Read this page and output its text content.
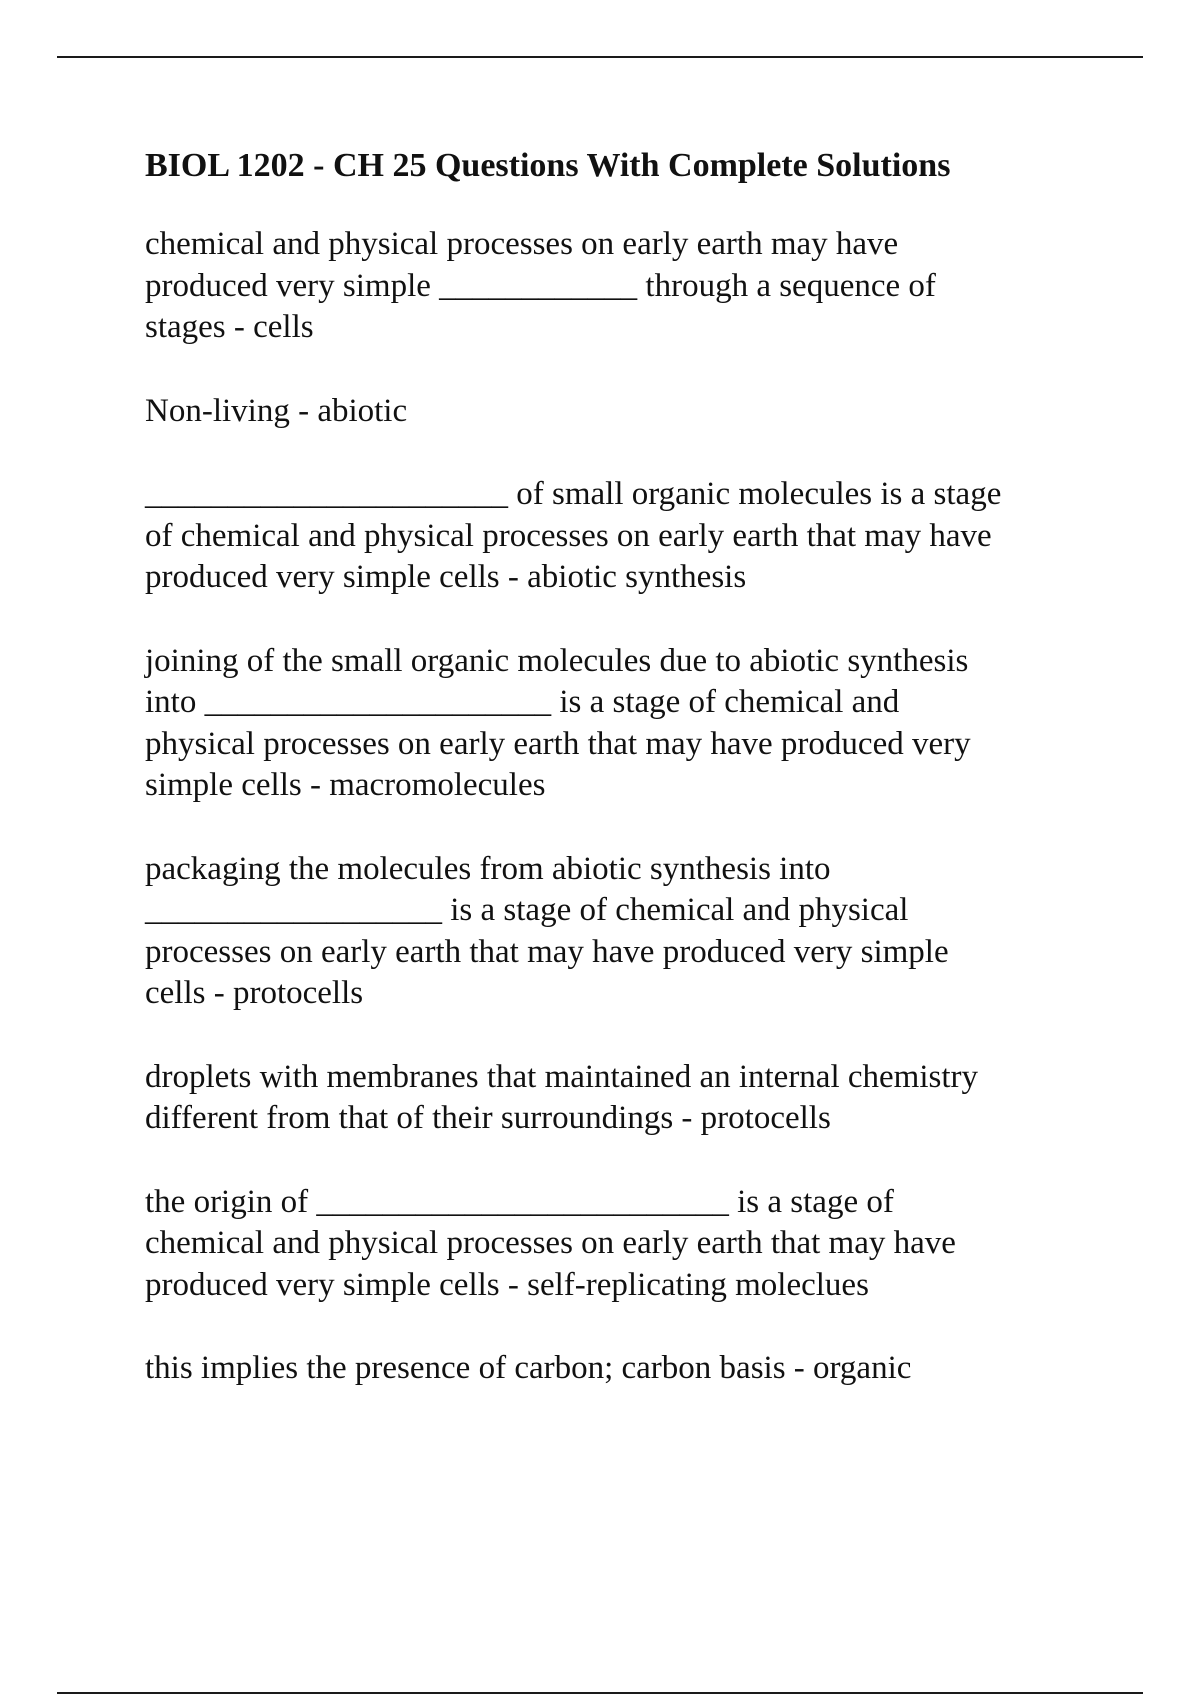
BIOL 1202 - CH 25 Questions With Complete Solutions
chemical and physical processes on early earth may have
produced very simple ____________ through a sequence of
stages - cells
Non-living - abiotic
______________________ of small organic molecules is a stage
of chemical and physical processes on early earth that may have
produced very simple cells - abiotic synthesis
joining of the small organic molecules due to abiotic synthesis
into _____________________ is a stage of chemical and
physical processes on early earth that may have produced very
simple cells - macromolecules
packaging the molecules from abiotic synthesis into
__________________ is a stage of chemical and physical
processes on early earth that may have produced very simple
cells - protocells
droplets with membranes that maintained an internal chemistry
different from that of their surroundings - protocells
the origin of _________________________ is a stage of
chemical and physical processes on early earth that may have
produced very simple cells - self-replicating moleclues
this implies the presence of carbon; carbon basis - organic
